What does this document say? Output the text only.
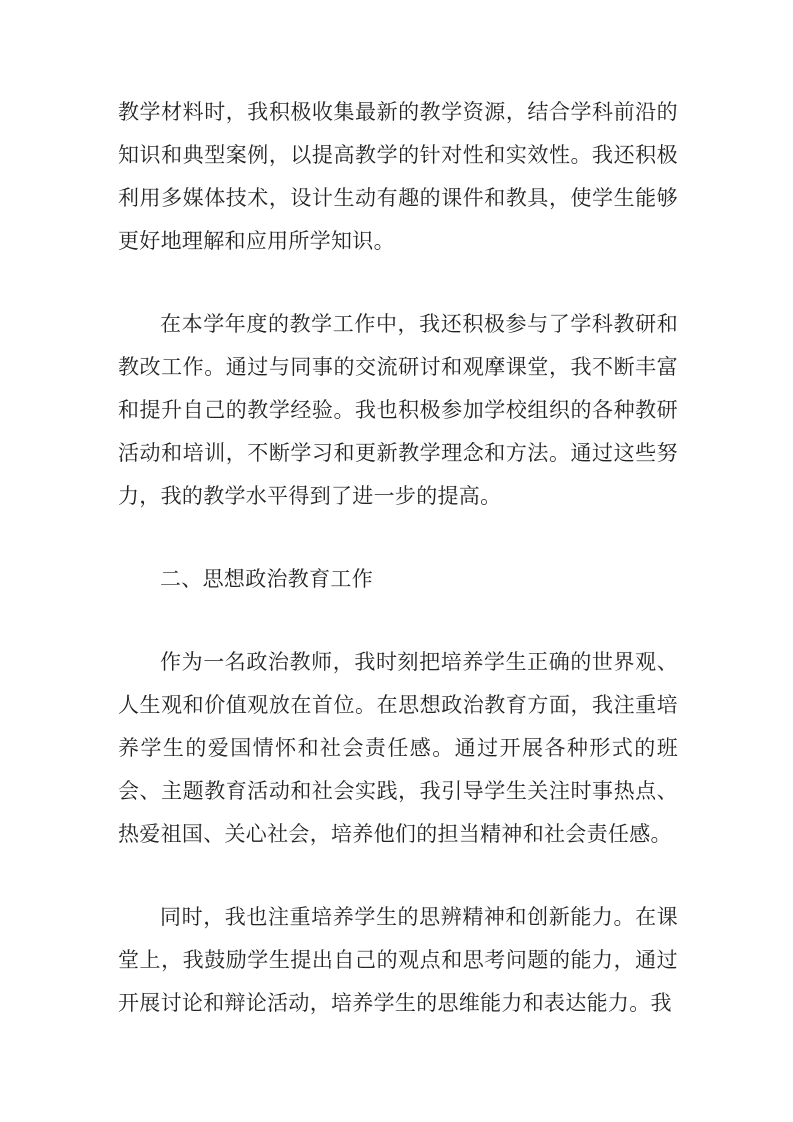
教学材料时，我积极收集最新的教学资源，结合学科前沿的知识和典型案例，以提高教学的针对性和实效性。我还积极利用多媒体技术，设计生动有趣的课件和教具，使学生能够更好地理解和应用所学知识。

在本学年度的教学工作中，我还积极参与了学科教研和教改工作。通过与同事的交流研讨和观摩课堂，我不断丰富和提升自己的教学经验。我也积极参加学校组织的各种教研活动和培训，不断学习和更新教学理念和方法。通过这些努力，我的教学水平得到了进一步的提高。

二、思想政治教育工作

作为一名政治教师，我时刻把培养学生正确的世界观、人生观和价值观放在首位。在思想政治教育方面，我注重培养学生的爱国情怀和社会责任感。通过开展各种形式的班会、主题教育活动和社会实践，我引导学生关注时事热点、热爱祖国、关心社会，培养他们的担当精神和社会责任感。

同时，我也注重培养学生的思辨精神和创新能力。在课堂上，我鼓励学生提出自己的观点和思考问题的能力，通过开展讨论和辩论活动，培养学生的思维能力和表达能力。我
